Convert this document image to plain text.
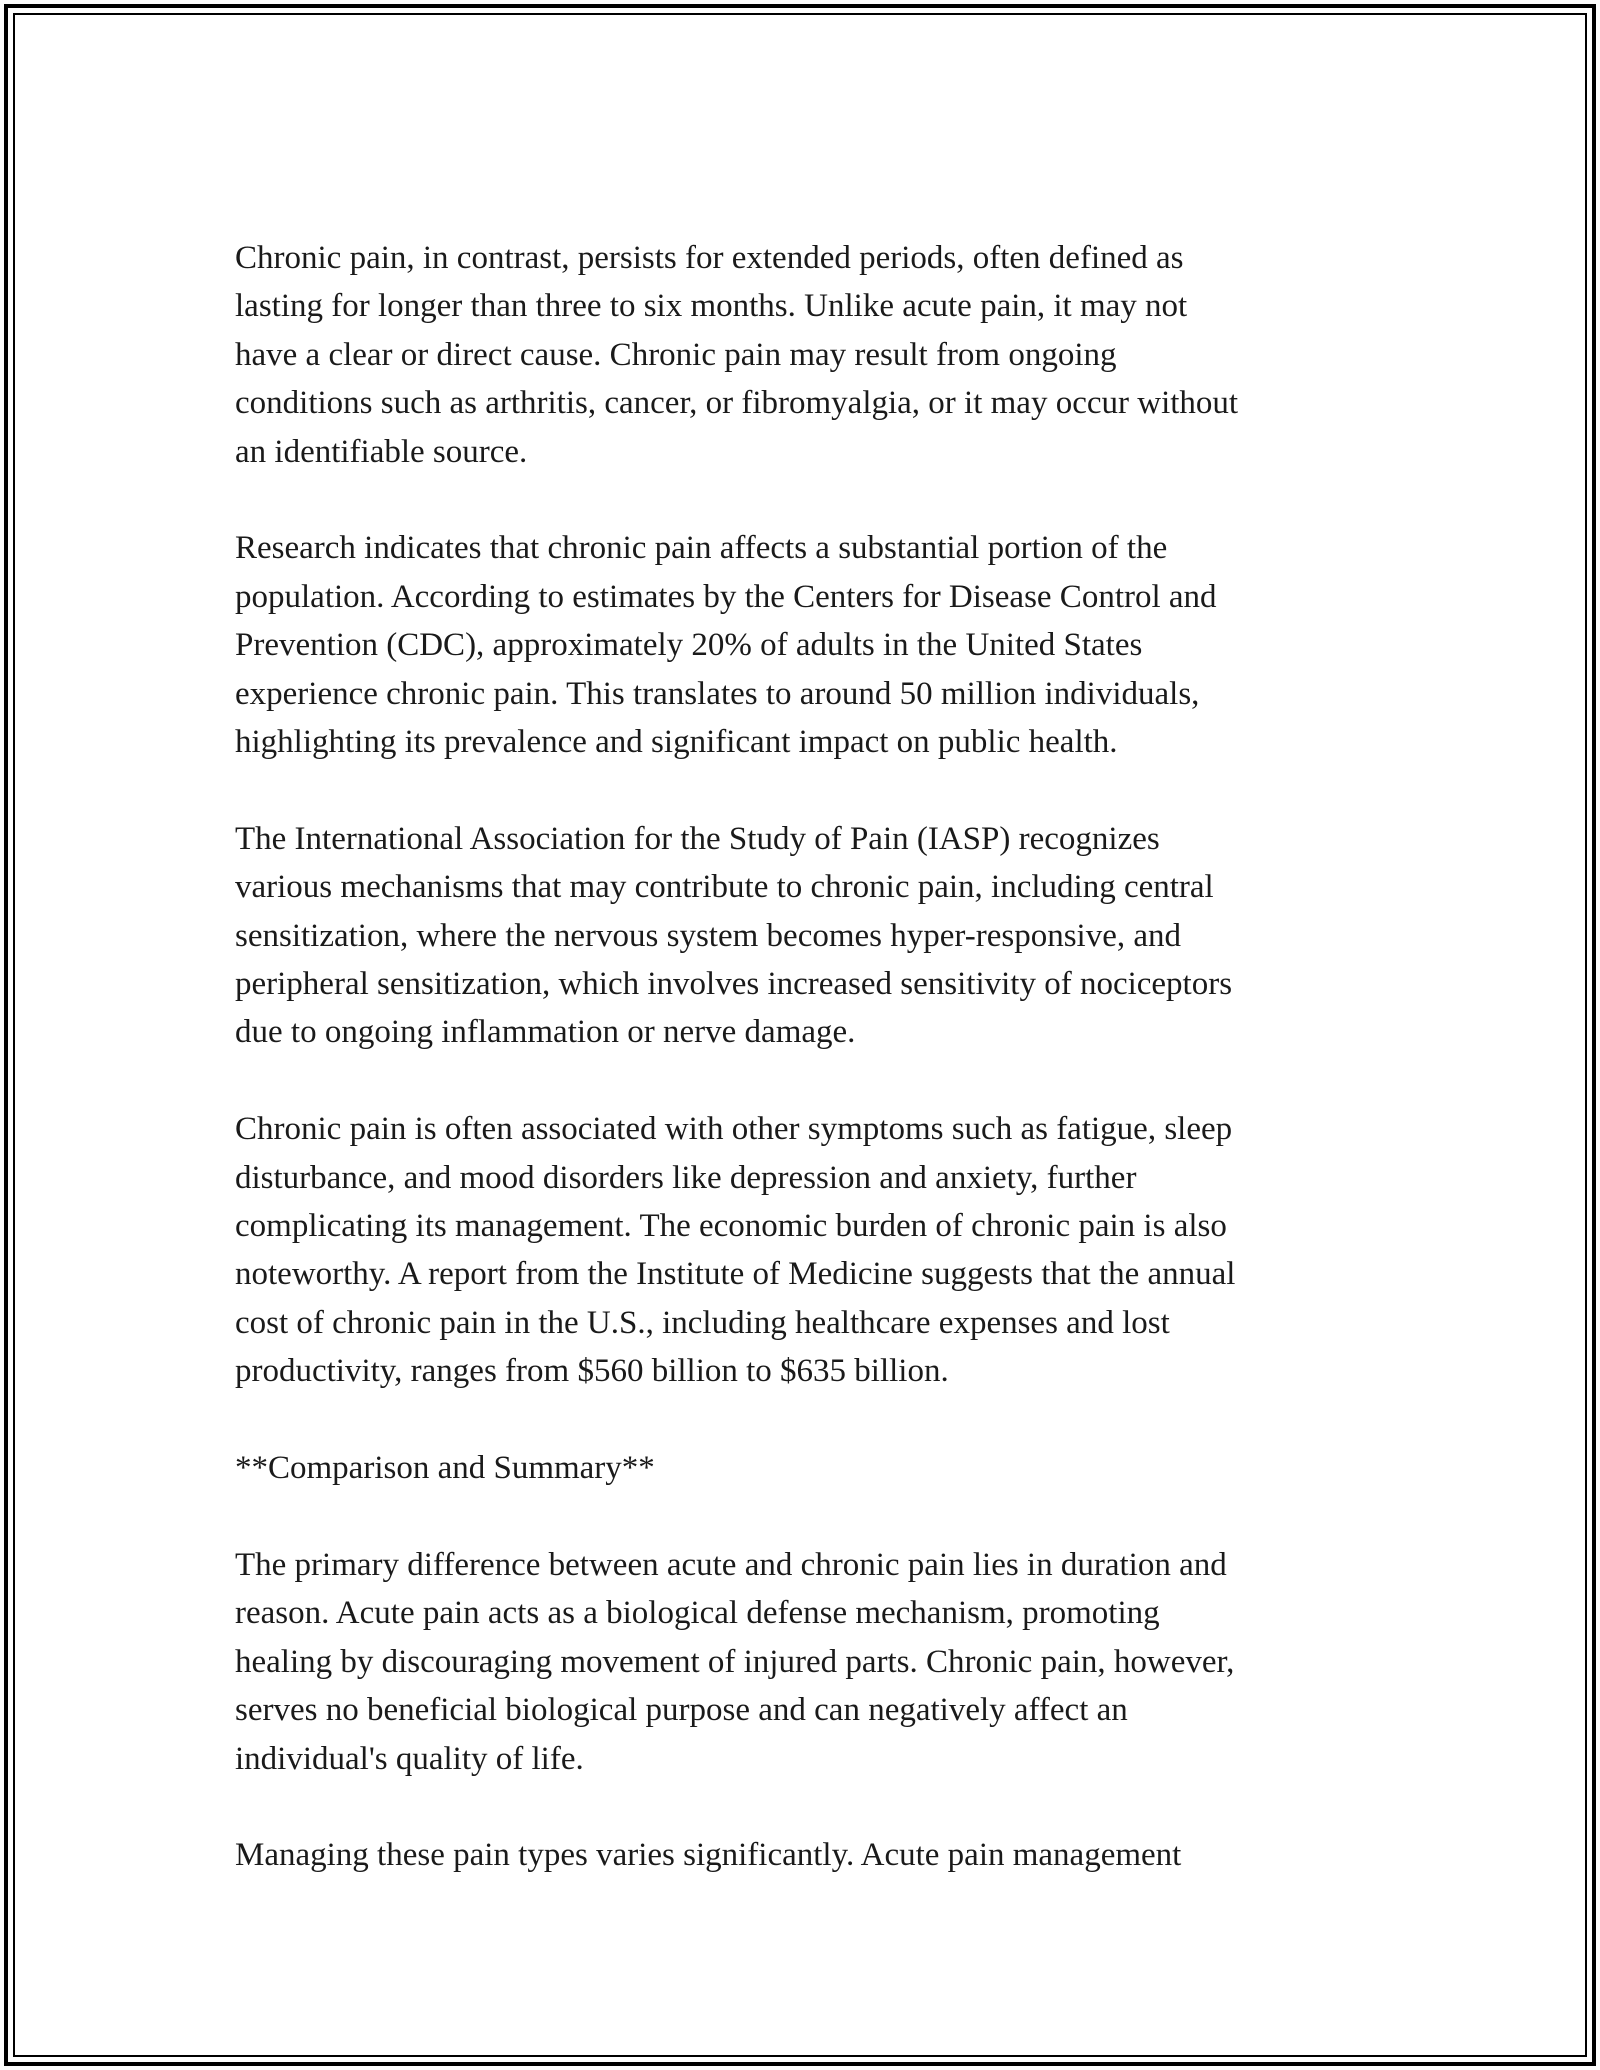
Chronic pain, in contrast, persists for extended periods, often defined as
lasting for longer than three to six months. Unlike acute pain, it may not
have a clear or direct cause. Chronic pain may result from ongoing
conditions such as arthritis, cancer, or fibromyalgia, or it may occur without
an identifiable source.

Research indicates that chronic pain affects a substantial portion of the
population. According to estimates by the Centers for Disease Control and
Prevention (CDC), approximately 20% of adults in the United States
experience chronic pain. This translates to around 50 million individuals,
highlighting its prevalence and significant impact on public health.

The International Association for the Study of Pain (IASP) recognizes
various mechanisms that may contribute to chronic pain, including central
sensitization, where the nervous system becomes hyper-responsive, and
peripheral sensitization, which involves increased sensitivity of nociceptors
due to ongoing inflammation or nerve damage.

Chronic pain is often associated with other symptoms such as fatigue, sleep
disturbance, and mood disorders like depression and anxiety, further
complicating its management. The economic burden of chronic pain is also
noteworthy. A report from the Institute of Medicine suggests that the annual
cost of chronic pain in the U.S., including healthcare expenses and lost
productivity, ranges from $560 billion to $635 billion.

**Comparison and Summary**

The primary difference between acute and chronic pain lies in duration and
reason. Acute pain acts as a biological defense mechanism, promoting
healing by discouraging movement of injured parts. Chronic pain, however,
serves no beneficial biological purpose and can negatively affect an
individual's quality of life.

Managing these pain types varies significantly. Acute pain management
